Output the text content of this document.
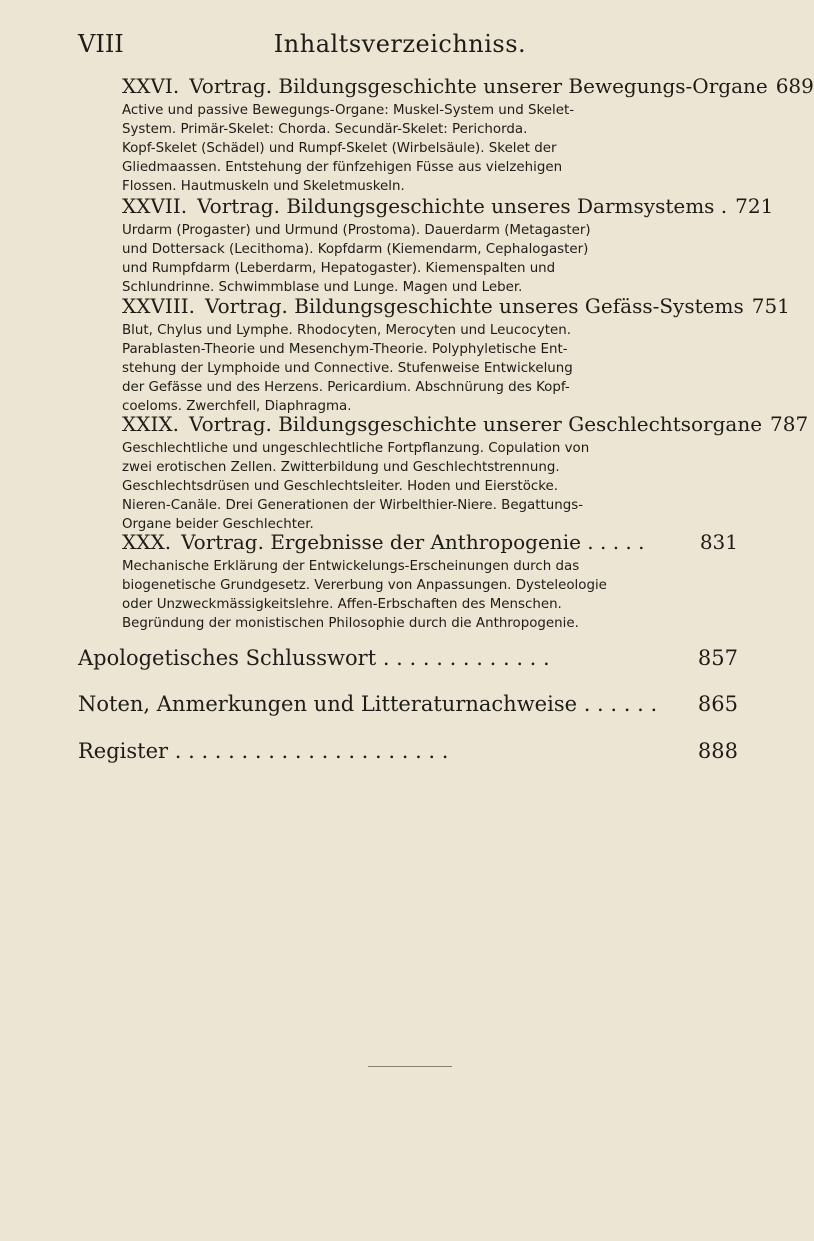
VIII	Inhaltsverzeichniss.
XXVI. Vortrag. Bildungsgeschichte unserer Bewegungs-Organe 689
Active und passive Bewegungs-Organe: Muskel-System und Skelet-
System. Primär-Skelet: Chorda. Secundär-Skelet: Perichorda.
Kopf-Skelet (Schädel) und Rumpf-Skelet (Wirbelsäule). Skelet der
Gliedmaassen. Entstehung der fünfzehigen Füsse aus vielzehigen
Flossen. Hautmuskeln und Skeletmuskeln.
XXVII. Vortrag. Bildungsgeschichte unseres Darmsystems . 721
Urdarm (Progaster) und Urmund (Prostoma). Dauerdarm (Metagaster)
und Dottersack (Lecithoma). Kopfdarm (Kiemendarm, Cephalogaster)
und Rumpfdarm (Leberdarm, Hepatogaster). Kiemenspalten und
Schlundrinne. Schwimmblase und Lunge. Magen und Leber.
XXVIII. Vortrag. Bildungsgeschichte unseres Gefäss-Systems 751
Blut, Chylus und Lymphe. Rhodocyten, Merocyten und Leucocyten.
Parablasten-Theorie und Mesenchym-Theorie. Polyphyletische Ent-
stehung der Lymphoide und Connective. Stufenweise Entwickelung
der Gefässe und des Herzens. Pericardium. Abschnürung des Kopf-
coeloms. Zwerchfell, Diaphragma.
XXIX. Vortrag. Bildungsgeschichte unserer Geschlechtsorgane 787
Geschlechtliche und ungeschlechtliche Fortpflanzung. Copulation von
zwei erotischen Zellen. Zwitterbildung und Geschlechtstrennung.
Geschlechtsdrüsen und Geschlechtsleiter. Hoden und Eierstöcke.
Nieren-Canäle. Drei Generationen der Wirbelthier-Niere. Begattungs-
Organe beider Geschlechter.
XXX. Vortrag. Ergebnisse der Anthropogenie . . . . .	831
Mechanische Erklärung der Entwickelungs-Erscheinungen durch das
biogenetische Grundgesetz. Vererbung von Anpassungen. Dysteleologie
oder Unzweckmässigkeitslehre. Affen-Erbschaften des Menschen.
Begründung der monistischen Philosophie durch die Anthropogenie.
Apologetisches Schlusswort . . . . . . . . . . . . .	857
Noten, Anmerkungen und Litteraturnachweise . . . . . .	865
Register . . . . . . . . . . . . . . . . . . . . .	888
